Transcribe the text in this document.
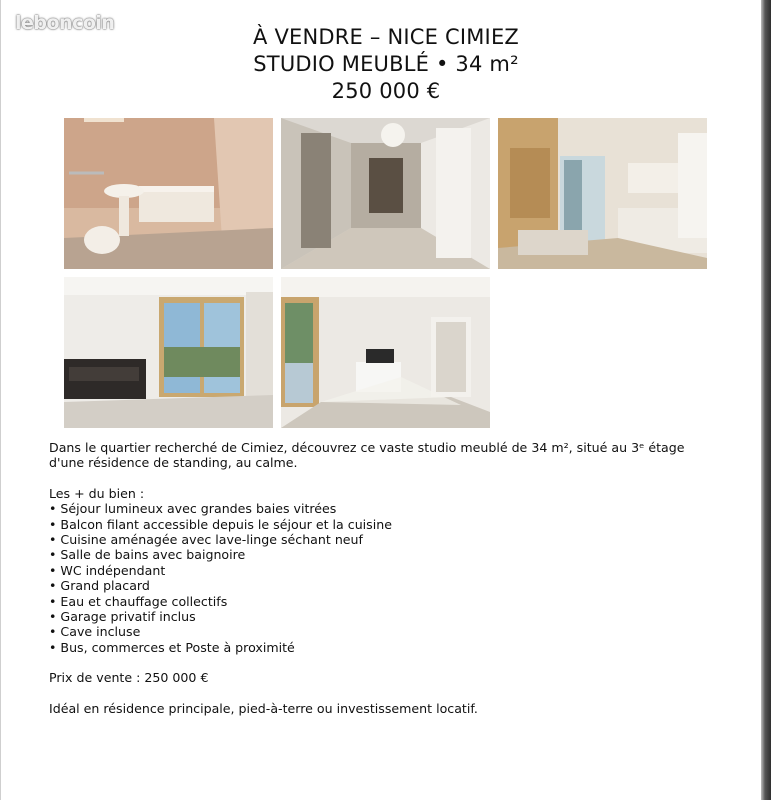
leboncoin
À VENDRE – NICE CIMIEZ
STUDIO MEUBLÉ • 34 m²
250 000 €

Dans le quartier recherché de Cimiez, découvrez ce vaste studio meublé de 34 m², situé au 3ᵉ étage

d'une résidence de standing, au calme.

Les + du bien :

• Séjour lumineux avec grandes baies vitrées
• Balcon filant accessible depuis le séjour et la cuisine
• Cuisine aménagée avec lave-linge séchant neuf
• Salle de bains avec baignoire
• WC indépendant
• Grand placard
• Eau et chauffage collectifs
• Garage privatif inclus
• Cave incluse
• Bus, commerces et Poste à proximité

Prix de vente : 250 000 €

Idéal en résidence principale, pied-à-terre ou investissement locatif.
